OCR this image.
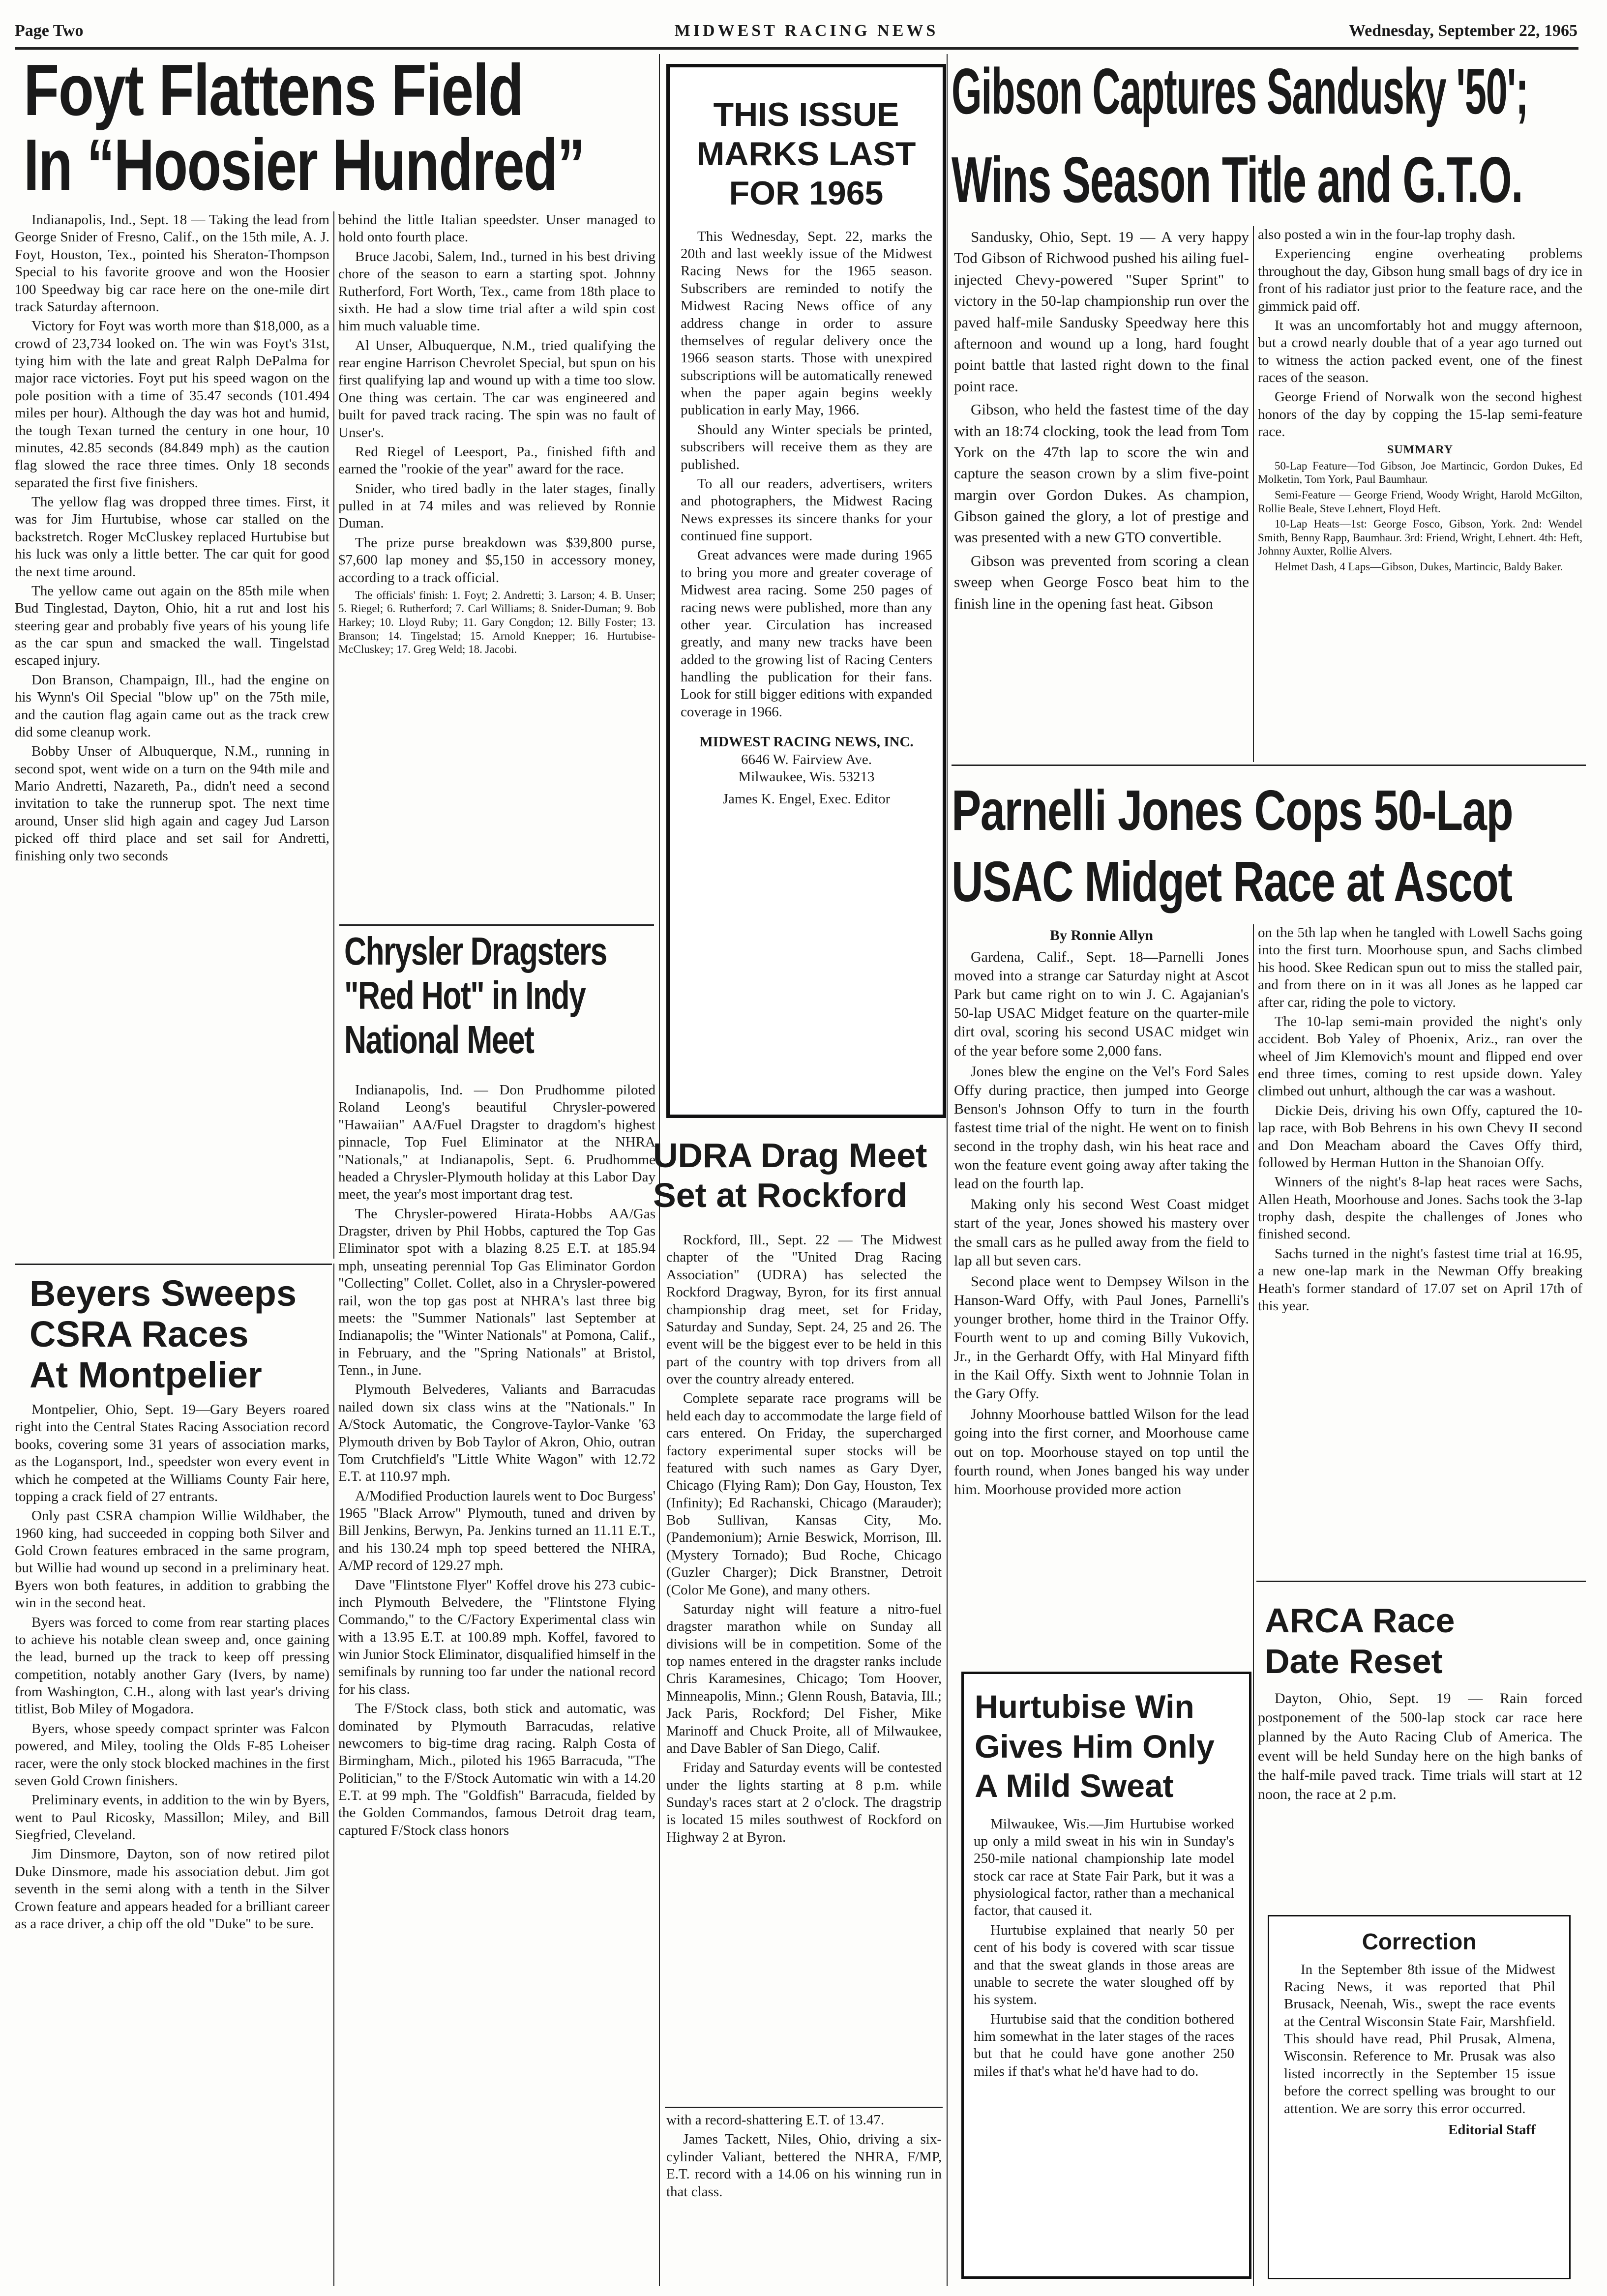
Page Two	MIDWEST RACING NEWS	Wednesday, September 22, 1965
Foyt Flattens Field
In “Hoosier Hundred”

Indianapolis, Ind., Sept. 18 — Taking the lead from George Snider of Fresno, Calif., on the 15th mile, A. J. Foyt, Houston, Tex., pointed his Sheraton-Thompson Special to his favorite groove and won the Hoosier 100 Speedway big car race here on the one-mile dirt track Saturday afternoon.

Victory for Foyt was worth more than $18,000, as a crowd of 23,734 looked on. The win was Foyt's 31st, tying him with the late and great Ralph DePalma for major race victories. Foyt put his speed wagon on the pole position with a time of 35.47 seconds (101.494 miles per hour). Although the day was hot and humid, the tough Texan turned the century in one hour, 10 minutes, 42.85 seconds (84.849 mph) as the caution flag slowed the race three times. Only 18 seconds separated the first five finishers.

The yellow flag was dropped three times. First, it was for Jim Hurtubise, whose car stalled on the backstretch. Roger McCluskey replaced Hurtubise but his luck was only a little better. The car quit for good the next time around.

The yellow came out again on the 85th mile when Bud Tinglestad, Dayton, Ohio, hit a rut and lost his steering gear and probably five years of his young life as the car spun and smacked the wall. Tingelstad escaped injury.

Don Branson, Champaign, Ill., had the engine on his Wynn's Oil Special "blow up" on the 75th mile, and the caution flag again came out as the track crew did some cleanup work.

Bobby Unser of Albuquerque, N.M., running in second spot, went wide on a turn on the 94th mile and Mario Andretti, Nazareth, Pa., didn't need a second invitation to take the runnerup spot. The next time around, Unser slid high again and cagey Jud Larson picked off third place and set sail for Andretti, finishing only two seconds

behind the little Italian speedster. Unser managed to hold onto fourth place.

Bruce Jacobi, Salem, Ind., turned in his best driving chore of the season to earn a starting spot. Johnny Rutherford, Fort Worth, Tex., came from 18th place to sixth. He had a slow time trial after a wild spin cost him much valuable time.

Al Unser, Albuquerque, N.M., tried qualifying the rear engine Harrison Chevrolet Special, but spun on his first qualifying lap and wound up with a time too slow. One thing was certain. The car was engineered and built for paved track racing. The spin was no fault of Unser's.

Red Riegel of Leesport, Pa., finished fifth and earned the "rookie of the year" award for the race.

Snider, who tired badly in the later stages, finally pulled in at 74 miles and was relieved by Ronnie Duman.

The prize purse breakdown was $39,800 purse, $7,600 lap money and $5,150 in accessory money, according to a track official.

The officials' finish: 1. Foyt; 2. Andretti; 3. Larson; 4. B. Unser; 5. Riegel; 6. Rutherford; 7. Carl Williams; 8. Snider-Duman; 9. Bob Harkey; 10. Lloyd Ruby; 11. Gary Congdon; 12. Billy Foster; 13. Branson; 14. Tingelstad; 15. Arnold Knepper; 16. Hurtubise-McCluskey; 17. Greg Weld; 18. Jacobi.

Beyers Sweeps
CSRA Races
At Montpelier

Montpelier, Ohio, Sept. 19—Gary Beyers roared right into the Central States Racing Association record books, covering some 31 years of association marks, as the Logansport, Ind., speedster won every event in which he competed at the Williams County Fair here, topping a crack field of 27 entrants.

Only past CSRA champion Willie Wildhaber, the 1960 king, had succeeded in copping both Silver and Gold Crown features embraced in the same program, but Willie had wound up second in a preliminary heat. Byers won both features, in addition to grabbing the win in the second heat.

Byers was forced to come from rear starting places to achieve his notable clean sweep and, once gaining the lead, burned up the track to keep off pressing competition, notably another Gary (Ivers, by name) from Washington, C.H., along with last year's driving titlist, Bob Miley of Mogadora.

Byers, whose speedy compact sprinter was Falcon powered, and Miley, tooling the Olds F-85 Loheiser racer, were the only stock blocked machines in the first seven Gold Crown finishers.

Preliminary events, in addition to the win by Byers, went to Paul Ricosky, Massillon; Miley, and Bill Siegfried, Cleveland.

Jim Dinsmore, Dayton, son of now retired pilot Duke Dinsmore, made his association debut. Jim got seventh in the semi along with a tenth in the Silver Crown feature and appears headed for a brilliant career as a race driver, a chip off the old "Duke" to be sure.

Chrysler Dragsters
"Red Hot" in Indy
National Meet

Indianapolis, Ind. — Don Prudhomme piloted Roland Leong's beautiful Chrysler-powered "Hawaiian" AA/Fuel Dragster to dragdom's highest pinnacle, Top Fuel Eliminator at the NHRA "Nationals," at Indianapolis, Sept. 6. Prudhomme headed a Chrysler-Plymouth holiday at this Labor Day meet, the year's most important drag test.

The Chrysler-powered Hirata-Hobbs AA/Gas Dragster, driven by Phil Hobbs, captured the Top Gas Eliminator spot with a blazing 8.25 E.T. at 185.94 mph, unseating perennial Top Gas Eliminator Gordon "Collecting" Collet. Collet, also in a Chrysler-powered rail, won the top gas post at NHRA's last three big meets: the "Summer Nationals" last September at Indianapolis; the "Winter Nationals" at Pomona, Calif., in February, and the "Spring Nationals" at Bristol, Tenn., in June.

Plymouth Belvederes, Valiants and Barracudas nailed down six class wins at the "Nationals." In A/Stock Automatic, the Congrove-Taylor-Vanke '63 Plymouth driven by Bob Taylor of Akron, Ohio, outran Tom Crutchfield's "Little White Wagon" with 12.72 E.T. at 110.97 mph.

A/Modified Production laurels went to Doc Burgess' 1965 "Black Arrow" Plymouth, tuned and driven by Bill Jenkins, Berwyn, Pa. Jenkins turned an 11.11 E.T., and his 130.24 mph top speed bettered the NHRA, A/MP record of 129.27 mph.

Dave "Flintstone Flyer" Koffel drove his 273 cubic-inch Plymouth Belvedere, the "Flintstone Flying Commando," to the C/Factory Experimental class win with a 13.95 E.T. at 100.89 mph. Koffel, favored to win Junior Stock Eliminator, disqualified himself in the semifinals by running too far under the national record for his class.

The F/Stock class, both stick and automatic, was dominated by Plymouth Barracudas, relative newcomers to big-time drag racing. Ralph Costa of Birmingham, Mich., piloted his 1965 Barracuda, "The Politician," to the F/Stock Automatic win with a 14.20 E.T. at 99 mph. The "Goldfish" Barracuda, fielded by the Golden Commandos, famous Detroit drag team, captured F/Stock class honors

THIS ISSUE
MARKS LAST
FOR 1965

This Wednesday, Sept. 22, marks the 20th and last weekly issue of the Midwest Racing News for the 1965 season. Subscribers are reminded to notify the Midwest Racing News office of any address change in order to assure themselves of regular delivery once the 1966 season starts. Those with unexpired subscriptions will be automatically renewed when the paper again begins weekly publication in early May, 1966.

Should any Winter specials be printed, subscribers will receive them as they are published.

To all our readers, advertisers, writers and photographers, the Midwest Racing News expresses its sincere thanks for your continued fine support.

Great advances were made during 1965 to bring you more and greater coverage of Midwest area racing. Some 250 pages of racing news were published, more than any other year. Circulation has increased greatly, and many new tracks have been added to the growing list of Racing Centers handling the publication for their fans. Look for still bigger editions with expanded coverage in 1966.

MIDWEST RACING NEWS, INC.
6646 W. Fairview Ave.
Milwaukee, Wis. 53213
James K. Engel, Exec. Editor
UDRA Drag Meet
Set at Rockford

Rockford, Ill., Sept. 22 — The Midwest chapter of the "United Drag Racing Association" (UDRA) has selected the Rockford Dragway, Byron, for its first annual championship drag meet, set for Friday, Saturday and Sunday, Sept. 24, 25 and 26. The event will be the biggest ever to be held in this part of the country with top drivers from all over the country already entered.

Complete separate race programs will be held each day to accommodate the large field of cars entered. On Friday, the supercharged factory experimental super stocks will be featured with such names as Gary Dyer, Chicago (Flying Ram); Don Gay, Houston, Tex (Infinity); Ed Rachanski, Chicago (Marauder); Bob Sullivan, Kansas City, Mo. (Pandemonium); Arnie Beswick, Morrison, Ill. (Mystery Tornado); Bud Roche, Chicago (Guzler Charger); Dick Branstner, Detroit (Color Me Gone), and many others.

Saturday night will feature a nitro-fuel dragster marathon while on Sunday all divisions will be in competition. Some of the top names entered in the dragster ranks include Chris Karamesines, Chicago; Tom Hoover, Minneapolis, Minn.; Glenn Roush, Batavia, Ill.; Jack Paris, Rockford; Del Fisher, Mike Marinoff and Chuck Proite, all of Milwaukee, and Dave Babler of San Diego, Calif.

Friday and Saturday events will be contested under the lights starting at 8 p.m. while Sunday's races start at 2 o'clock. The dragstrip is located 15 miles southwest of Rockford on Highway 2 at Byron.

with a record-shattering E.T. of 13.47.

James Tackett, Niles, Ohio, driving a six-cylinder Valiant, bettered the NHRA, F/MP, E.T. record with a 14.06 on his winning run in that class.

Gibson Captures Sandusky '50';
Wins Season Title and G.T.O.

Sandusky, Ohio, Sept. 19 — A very happy Tod Gibson of Richwood pushed his ailing fuel-injected Chevy-powered "Super Sprint" to victory in the 50-lap championship run over the paved half-mile Sandusky Speedway here this afternoon and wound up a long, hard fought point battle that lasted right down to the final point race.

Gibson, who held the fastest time of the day with an 18:74 clocking, took the lead from Tom York on the 47th lap to score the win and capture the season crown by a slim five-point margin over Gordon Dukes. As champion, Gibson gained the glory, a lot of prestige and was presented with a new GTO convertible.

Gibson was prevented from scoring a clean sweep when George Fosco beat him to the finish line in the opening fast heat. Gibson

also posted a win in the four-lap trophy dash.

Experiencing engine overheating problems throughout the day, Gibson hung small bags of dry ice in front of his radiator just prior to the feature race, and the gimmick paid off.

It was an uncomfortably hot and muggy afternoon, but a crowd nearly double that of a year ago turned out to witness the action packed event, one of the finest races of the season.

George Friend of Norwalk won the second highest honors of the day by copping the 15-lap semi-feature race.

SUMMARY

50-Lap Feature—Tod Gibson, Joe Martincic, Gordon Dukes, Ed Molketin, Tom York, Paul Baumhaur.

Semi-Feature — George Friend, Woody Wright, Harold McGilton, Rollie Beale, Steve Lehnert, Floyd Heft.

10-Lap Heats—1st: George Fosco, Gibson, York. 2nd: Wendel Smith, Benny Rapp, Baumhaur. 3rd: Friend, Wright, Lehnert. 4th: Heft, Johnny Auxter, Rollie Alvers.

Helmet Dash, 4 Laps—Gibson, Dukes, Martincic, Baldy Baker.

Parnelli Jones Cops 50-Lap
USAC Midget Race at Ascot
By Ronnie Allyn

Gardena, Calif., Sept. 18—Parnelli Jones moved into a strange car Saturday night at Ascot Park but came right on to win J. C. Agajanian's 50-lap USAC Midget feature on the quarter-mile dirt oval, scoring his second USAC midget win of the year before some 2,000 fans.

Jones blew the engine on the Vel's Ford Sales Offy during practice, then jumped into George Benson's Johnson Offy to turn in the fourth fastest time trial of the night. He went on to finish second in the trophy dash, win his heat race and won the feature event going away after taking the lead on the fourth lap.

Making only his second West Coast midget start of the year, Jones showed his mastery over the small cars as he pulled away from the field to lap all but seven cars.

Second place went to Dempsey Wilson in the Hanson-Ward Offy, with Paul Jones, Parnelli's younger brother, home third in the Trainor Offy. Fourth went to up and coming Billy Vukovich, Jr., in the Gerhardt Offy, with Hal Minyard fifth in the Kail Offy. Sixth went to Johnnie Tolan in the Gary Offy.

Johnny Moorhouse battled Wilson for the lead going into the first corner, and Moorhouse came out on top. Moorhouse stayed on top until the fourth round, when Jones banged his way under him. Moorhouse provided more action

on the 5th lap when he tangled with Lowell Sachs going into the first turn. Moorhouse spun, and Sachs climbed his hood. Skee Redican spun out to miss the stalled pair, and from there on in it was all Jones as he lapped car after car, riding the pole to victory.

The 10-lap semi-main provided the night's only accident. Bob Yaley of Phoenix, Ariz., ran over the wheel of Jim Klemovich's mount and flipped end over end three times, coming to rest upside down. Yaley climbed out unhurt, although the car was a washout.

Dickie Deis, driving his own Offy, captured the 10-lap race, with Bob Behrens in his own Chevy II second and Don Meacham aboard the Caves Offy third, followed by Herman Hutton in the Shanoian Offy.

Winners of the night's 8-lap heat races were Sachs, Allen Heath, Moorhouse and Jones. Sachs took the 3-lap trophy dash, despite the challenges of Jones who finished second.

Sachs turned in the night's fastest time trial at 16.95, a new one-lap mark in the Newman Offy breaking Heath's former standard of 17.07 set on April 17th of this year.

ARCA Race
Date Reset

Dayton, Ohio, Sept. 19 — Rain forced postponement of the 500-lap stock car race here planned by the Auto Racing Club of America. The event will be held Sunday here on the high banks of the half-mile paved track. Time trials will start at 12 noon, the race at 2 p.m.

Hurtubise Win
Gives Him Only
A Mild Sweat

Milwaukee, Wis.—Jim Hurtubise worked up only a mild sweat in his win in Sunday's 250-mile national championship late model stock car race at State Fair Park, but it was a physiological factor, rather than a mechanical factor, that caused it.

Hurtubise explained that nearly 50 per cent of his body is covered with scar tissue and that the sweat glands in those areas are unable to secrete the water sloughed off by his system.

Hurtubise said that the condition bothered him somewhat in the later stages of the races but that he could have gone another 250 miles if that's what he'd have had to do.

Correction

In the September 8th issue of the Midwest Racing News, it was reported that Phil Brusack, Neenah, Wis., swept the race events at the Central Wisconsin State Fair, Marshfield. This should have read, Phil Prusak, Almena, Wisconsin. Reference to Mr. Prusak was also listed incorrectly in the September 15 issue before the correct spelling was brought to our attention. We are sorry this error occurred.

Editorial Staff
